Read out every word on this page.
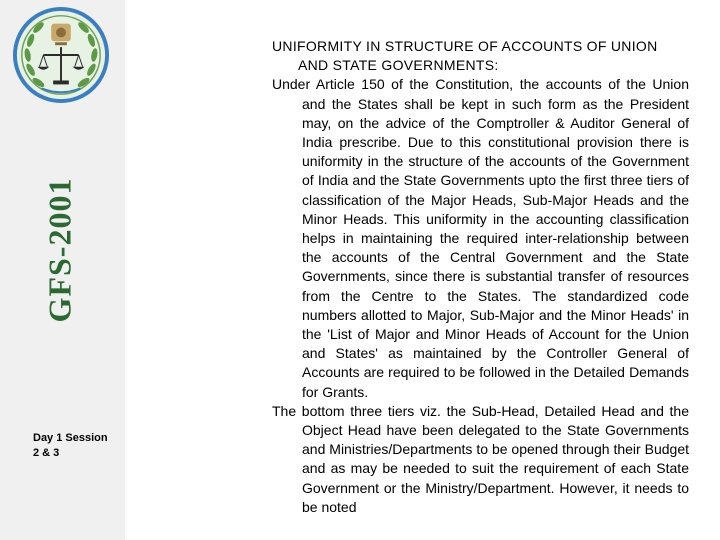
GFS-2001
Day 1 Session 2 & 3

UNIFORMITY IN STRUCTURE OF ACCOUNTS OF UNION AND STATE GOVERNMENTS:

Under Article 150 of the Constitution, the accounts of the Union and the States shall be kept in such form as the President may, on the advice of the Comptroller & Auditor General of India prescribe. Due to this constitutional provision there is uniformity in the structure of the accounts of the Government of India and the State Governments upto the first three tiers of classification of the Major Heads, Sub-Major Heads and the Minor Heads. This uniformity in the accounting classification helps in maintaining the required inter-relationship between the accounts of the Central Government and the State Governments, since there is substantial transfer of resources from the Centre to the States. The standardized code numbers allotted to Major, Sub-Major and the Minor Heads' in the 'List of Major and Minor Heads of Account for the Union and States' as maintained by the Controller General of Accounts are required to be followed in the Detailed Demands for Grants.

The bottom three tiers viz. the Sub-Head, Detailed Head and the Object Head have been delegated to the State Governments and Ministries/Departments to be opened through their Budget and as may be needed to suit the requirement of each State Government or the Ministry/Department. However, it needs to be noted
